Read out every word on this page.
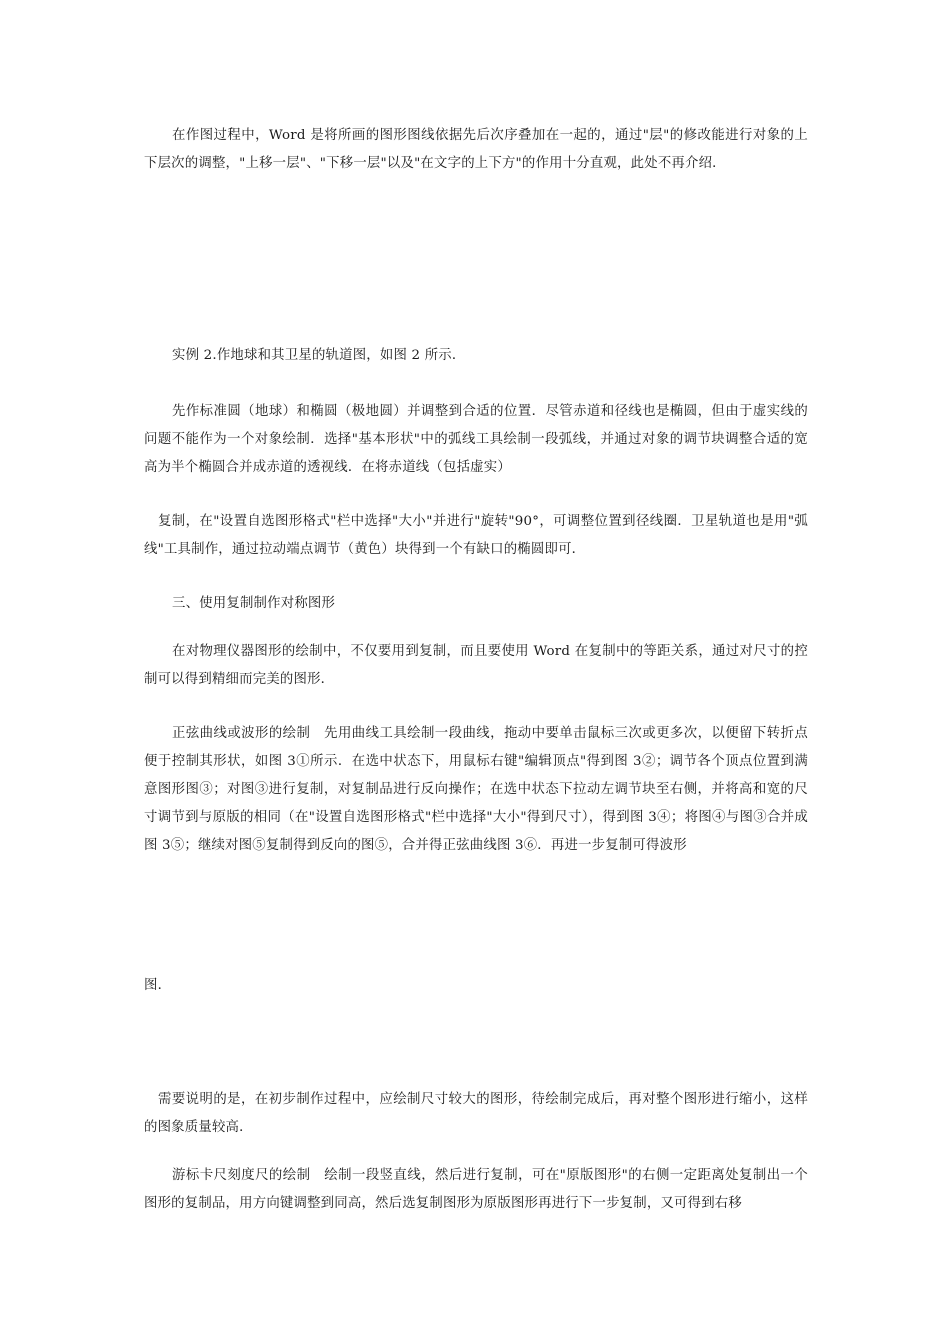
在作图过程中，Word 是将所画的图形图线依据先后次序叠加在一起的，通过"层"的修改能进行对象的上下层次的调整，"上移一层"、"下移一层"以及"在文字的上下方"的作用十分直观，此处不再介绍．

实例 2.作地球和其卫星的轨道图，如图 2 所示．

先作标准圆（地球）和椭圆（极地圆）并调整到合适的位置．尽管赤道和径线也是椭圆，但由于虚实线的问题不能作为一个对象绘制．选择"基本形状"中的弧线工具绘制一段弧线，并通过对象的调节块调整合适的宽高为半个椭圆合并成赤道的透视线．在将赤道线（包括虚实）

复制，在"设置自选图形格式"栏中选择"大小"并进行"旋转"90°，可调整位置到径线圈．卫星轨道也是用"弧线"工具制作，通过拉动端点调节（黄色）块得到一个有缺口的椭圆即可．

三、使用复制制作对称图形

在对物理仪器图形的绘制中，不仅要用到复制，而且要使用 Word 在复制中的等距关系，通过对尺寸的控制可以得到精细而完美的图形．

正弦曲线或波形的绘制　先用曲线工具绘制一段曲线，拖动中要单击鼠标三次或更多次，以便留下转折点便于控制其形状，如图 3①所示．在选中状态下，用鼠标右键"编辑顶点"得到图 3②；调节各个顶点位置到满意图形图③；对图③进行复制，对复制品进行反向操作；在选中状态下拉动左调节块至右侧，并将高和宽的尺寸调节到与原版的相同（在"设置自选图形格式"栏中选择"大小"得到尺寸），得到图 3④；将图④与图③合并成图 3⑤；继续对图⑤复制得到反向的图⑤，合并得正弦曲线图 3⑥．再进一步复制可得波形

图．

需要说明的是，在初步制作过程中，应绘制尺寸较大的图形，待绘制完成后，再对整个图形进行缩小，这样的图象质量较高．

游标卡尺刻度尺的绘制　绘制一段竖直线，然后进行复制，可在"原版图形"的右侧一定距离处复制出一个图形的复制品，用方向键调整到同高，然后选复制图形为原版图形再进行下一步复制，又可得到右移
